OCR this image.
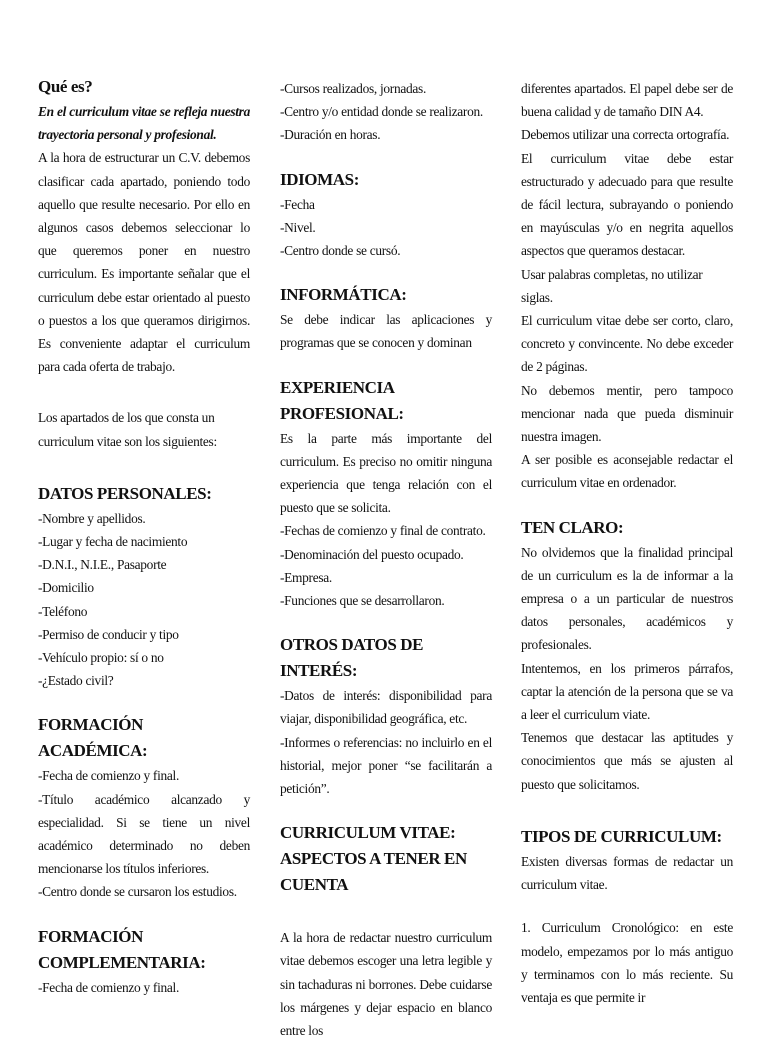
Qué es?

En el curriculum vitae se refleja nuestra trayectoria personal y profesional.

A la hora de estructurar un C.V. debemos clasificar cada apartado, poniendo todo aquello que resulte necesario. Por ello en algunos casos debemos seleccionar lo que queremos poner en nuestro curriculum. Es importante señalar que el curriculum debe estar orientado al puesto o puestos a los que queramos dirigirnos. Es conveniente adaptar el curriculum para cada oferta de trabajo.

Los apartados de los que consta un curriculum vitae son los siguientes:

DATOS PERSONALES:
-Nombre y apellidos.
-Lugar y fecha de nacimiento
-D.N.I., N.I.E., Pasaporte
-Domicilio
-Teléfono
-Permiso de conducir y tipo
-Vehículo propio: sí o no
-¿Estado civil?
FORMACIÓN ACADÉMICA:
-Fecha de comienzo y final.

-Título académico alcanzado y especialidad. Si se tiene un nivel académico determinado no deben mencionarse los títulos inferiores.

-Centro donde se cursaron los estudios.
FORMACIÓN COMPLEMENTARIA:
-Fecha de comienzo y final.
-Cursos realizados, jornadas.
-Centro y/o entidad donde se realizaron.
-Duración en horas.
IDIOMAS:
-Fecha
-Nivel.
-Centro donde se cursó.
INFORMÁTICA:

Se debe indicar las aplicaciones y programas que se conocen y dominan

EXPERIENCIA PROFESIONAL:

Es la parte más importante del curriculum. Es preciso no omitir ninguna experiencia que tenga relación con el puesto que se solicita.

-Fechas de comienzo y final de contrato.
-Denominación del puesto ocupado.
-Empresa.
-Funciones que se desarrollaron.
OTROS DATOS DE INTERÉS:

-Datos de interés: disponibilidad para viajar, disponibilidad geográfica, etc.

-Informes o referencias: no incluirlo en el historial, mejor poner “se facilitarán a petición”.

CURRICULUM VITAE: ASPECTOS A TENER EN CUENTA

A la hora de redactar nuestro curriculum vitae debemos escoger una letra legible y sin tachaduras ni borrones. Debe cuidarse los márgenes y dejar espacio en blanco entre los

diferentes apartados. El papel debe ser de buena calidad y de tamaño DIN A4.

Debemos utilizar una correcta ortografía.

El curriculum vitae debe estar estructurado y adecuado para que resulte de fácil lectura, subrayando o poniendo en mayúsculas y/o en negrita aquellos aspectos que queramos destacar.

Usar palabras completas, no utilizar siglas.

El curriculum vitae debe ser corto, claro, concreto y convincente. No debe exceder de 2 páginas.

No debemos mentir, pero tampoco mencionar nada que pueda disminuir nuestra imagen.

A ser posible es aconsejable redactar el curriculum vitae en ordenador.

TEN CLARO:

No olvidemos que la finalidad principal de un curriculum es la de informar a la empresa o a un particular de nuestros datos personales, académicos y profesionales.

Intentemos, en los primeros párrafos, captar la atención de la persona que se va a leer el curriculum viate.

Tenemos que destacar las aptitudes y conocimientos que más se ajusten al puesto que solicitamos.

TIPOS DE CURRICULUM:

Existen diversas formas de redactar un curriculum vitae.

1. Curriculum Cronológico: en este modelo, empezamos por lo más antiguo y terminamos con lo más reciente. Su ventaja es que permite ir
